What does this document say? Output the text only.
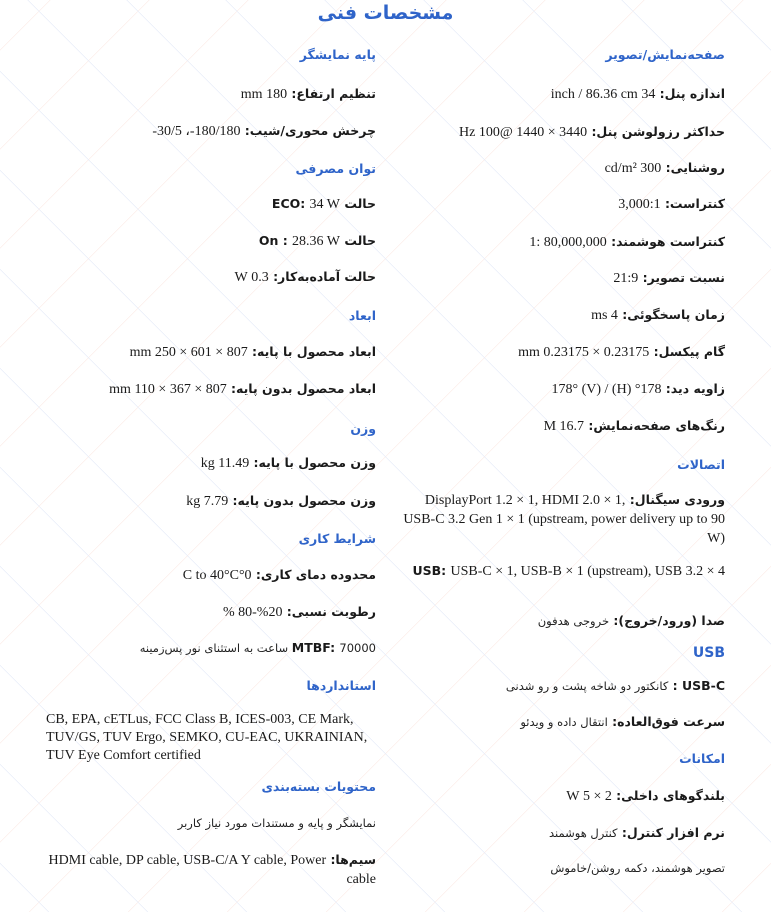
مشخصات فنی
صفحه‌نمایش/تصویر
اندازه پنل: 34 inch / 86.36 cm
حداکثر رزولوشن پنل: 3440 × 1440 @100 Hz
روشنایی: 300 cd/m²
کنتراست: 3,000:1
کنتراست هوشمند: 80,000,000 :1
نسبت تصویر: 21:9
زمان پاسخگوئی: 4 ms
گام پیکسل: 0.23175 × 0.23175 mm
زاویه دید: 178° (H) / 178° (V)
رنگ‌های صفحه‌نمایش: 16.7 M
اتصالات
ورودی سیگنال: DisplayPort 1.2 × 1, HDMI 2.0 × 1, USB-C 3.2 Gen 1 × 1 (upstream, power delivery up to 90 W)
USB: USB-C × 1, USB-B × 1 (upstream), USB 3.2 × 4
صدا (ورود/خروج): خروجی هدفون
USB
USB-C : کانکتور دو شاخه پشت و رو شدنی
سرعت فوق‌العاده: انتقال داده و ویدئو
امکانات
بلندگوهای داخلی: 2 × 5 W
نرم افزار کنترل: کنترل هوشمند
تصویر هوشمند، دکمه روشن/خاموش
پایه نمایشگر
تنظیم ارتفاع: 180 mm
چرخش محوری/شیب: 180/180-، 30/5-
توان مصرفی
حالت ECO: 34 W
حالت On : 28.36 W
حالت آماده‌به‌کار: 0.3 W
ابعاد
ابعاد محصول با پایه: 807 × 601 × 250 mm
ابعاد محصول بدون پایه: 807 × 367 × 110 mm
وزن
وزن محصول با پایه: 11.49 kg
وزن محصول بدون پایه: 7.79 kg
شرایط کاری
محدوده دمای کاری: 0°C to 40°C
رطوبت نسبی: 20%-80 %
MTBF: 70000 ساعت به استثنای نور پس‌زمینه
استانداردها
CB, EPA, cETLus, FCC Class B, ICES-003, CE Mark, TUV/GS, TUV Ergo, SEMKO, CU-EAC, UKRAINIAN, TUV Eye Comfort certified
محتویات بسته‌بندی
نمایشگر و پایه و مستندات مورد نیاز کاربر
سیم‌ها: HDMI cable, DP cable, USB-C/A Y cable, Power cable
